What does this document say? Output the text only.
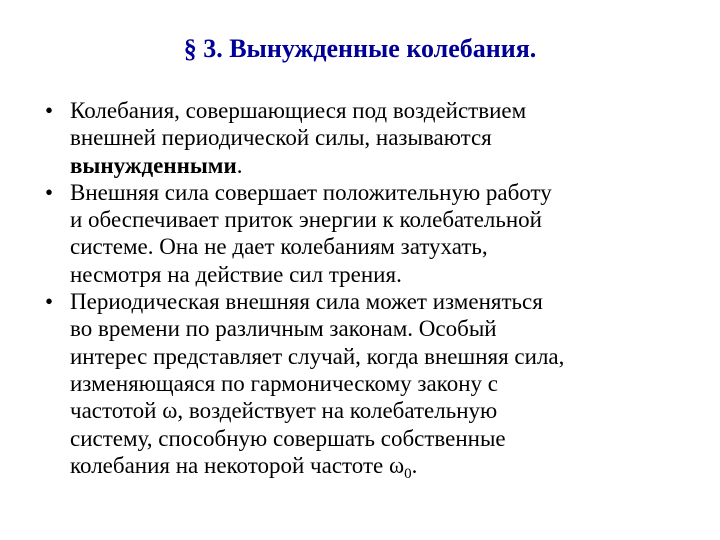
§ 3. Вынужденные колебания.
• Колебания, совершающиеся под воздействием
внешней периодической силы, называются
вынужденными.
• Внешняя сила совершает положительную работу
и обеспечивает приток энергии к колебательной
системе. Она не дает колебаниям затухать,
несмотря на действие сил трения.
• Периодическая внешняя сила может изменяться
во времени по различным законам. Особый
интерес представляет случай, когда внешняя сила,
изменяющаяся по гармоническому закону с
частотой ω, воздействует на колебательную
систему, способную совершать собственные
колебания на некоторой частоте $\omega_0$.
